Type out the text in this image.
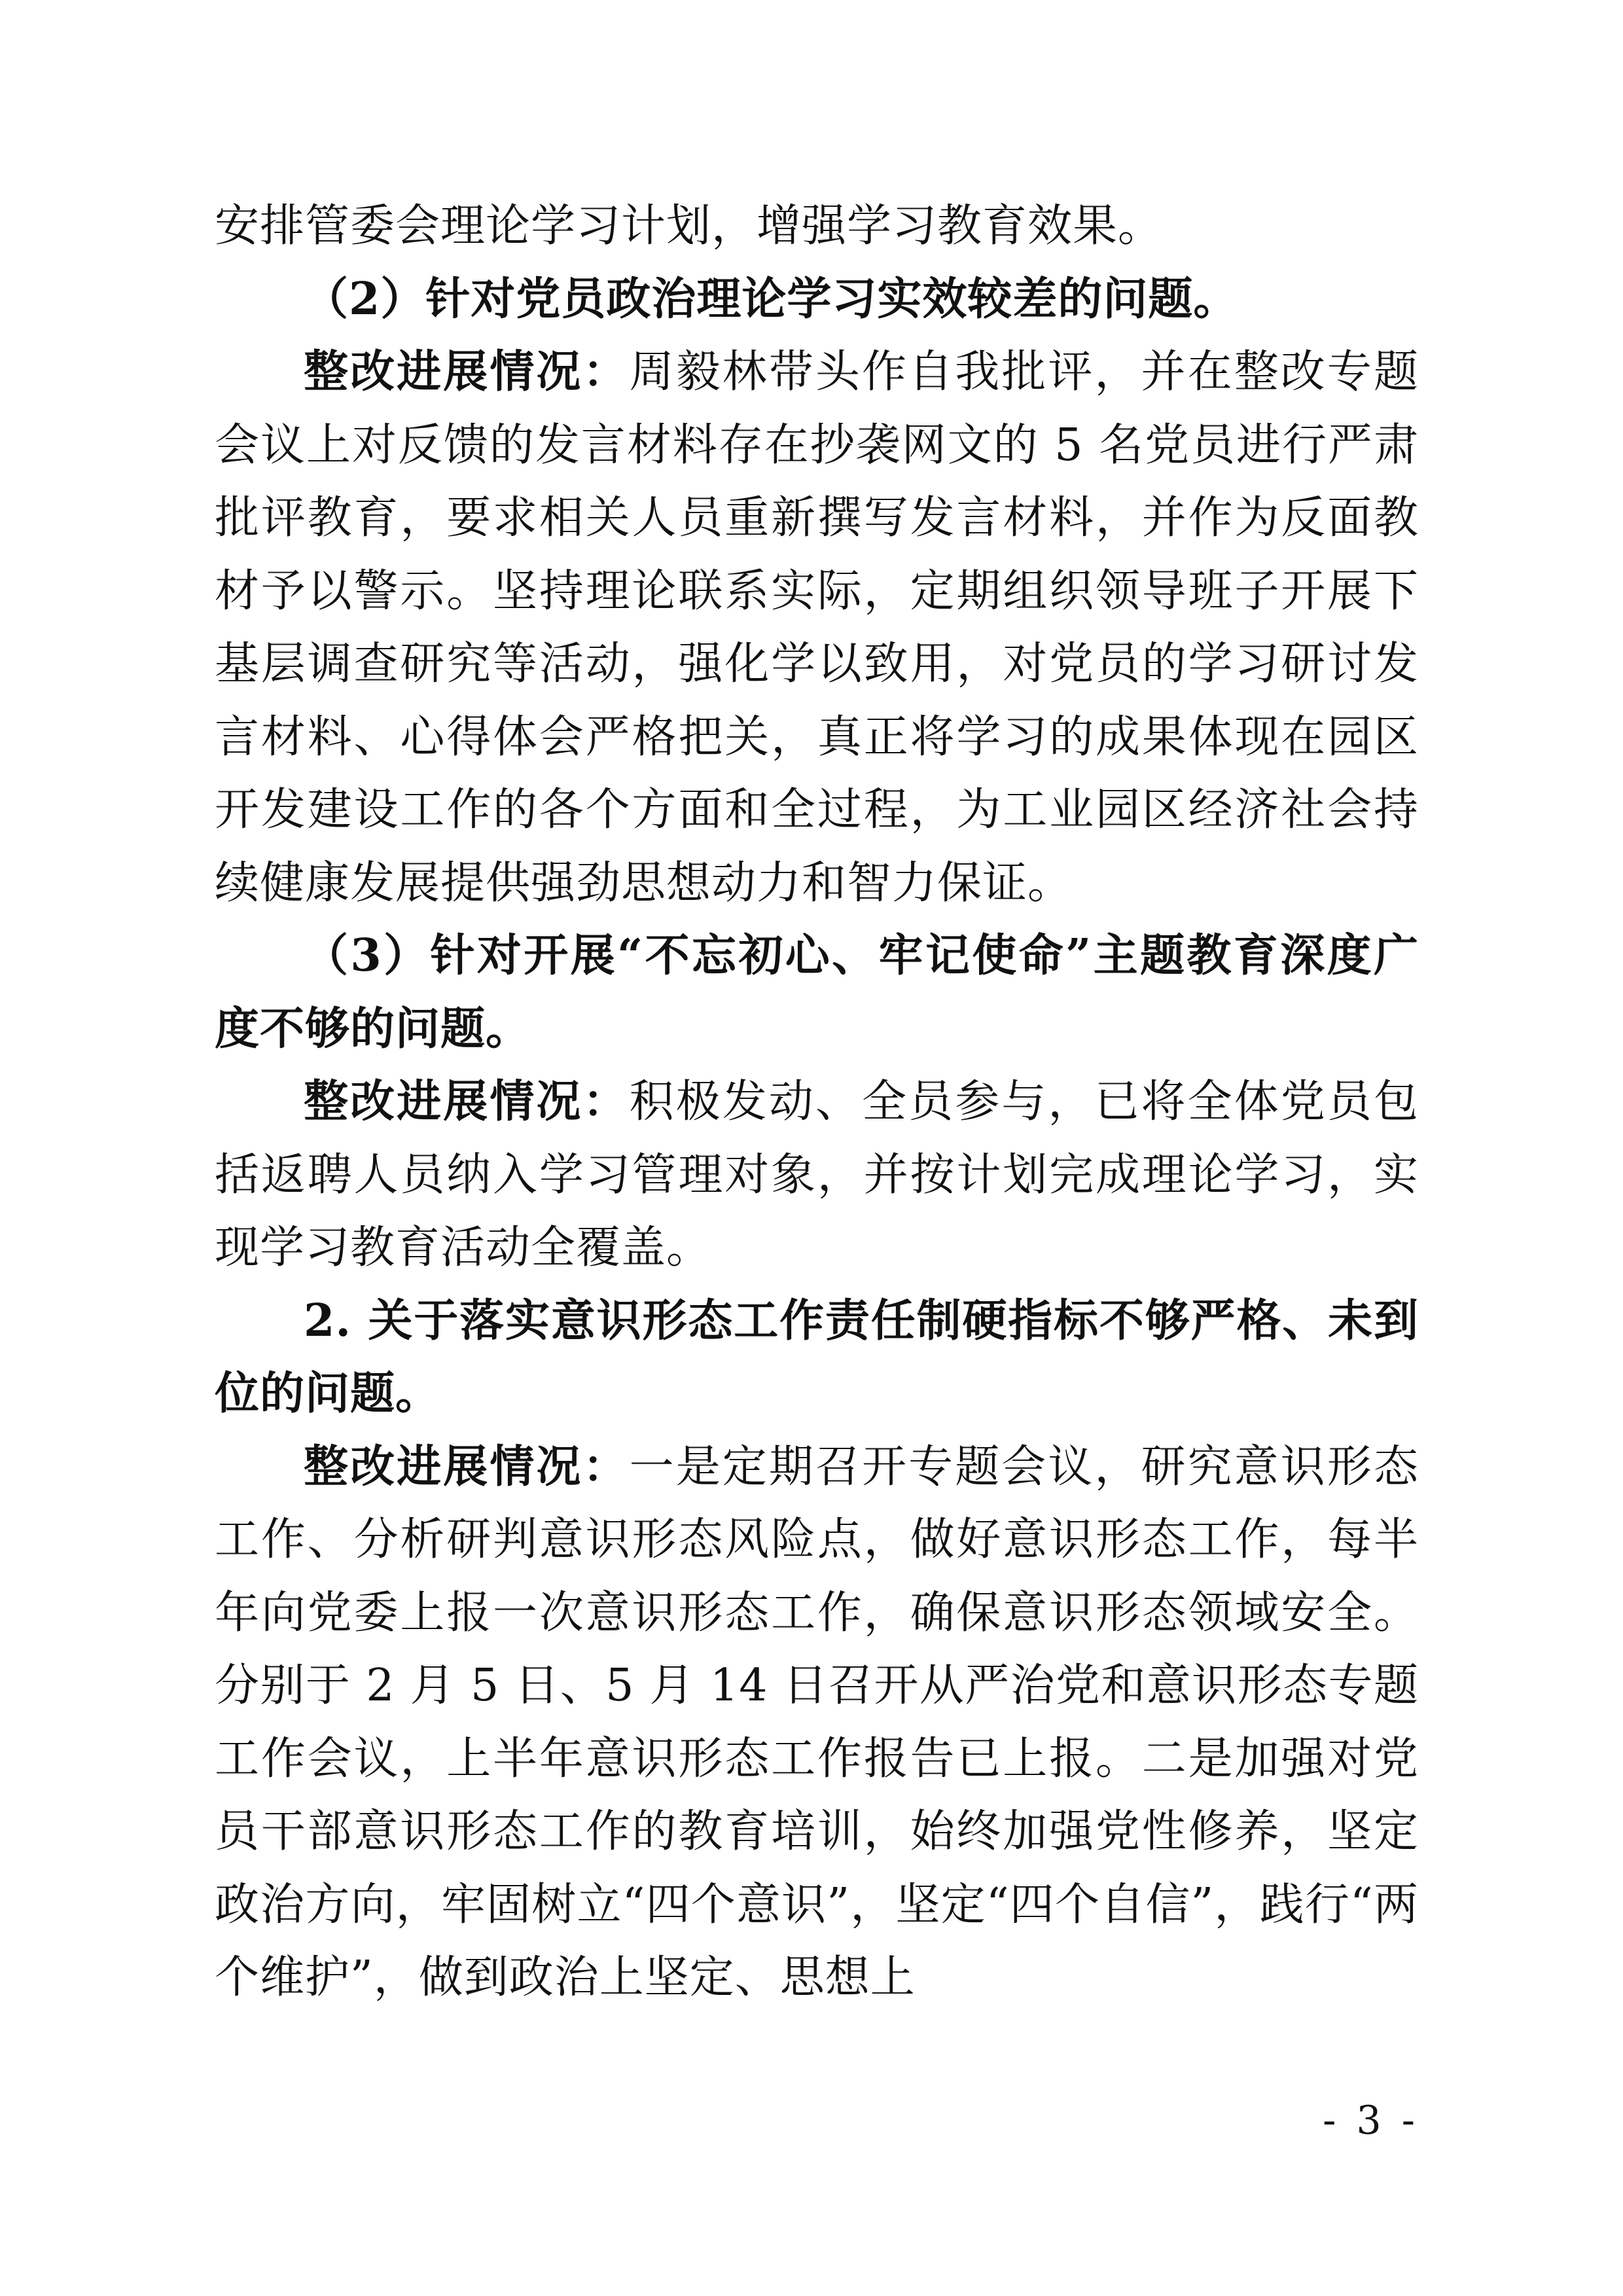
安排管委会理论学习计划，增强学习教育效果。

（2）针对党员政治理论学习实效较差的问题。

整改进展情况：周毅林带头作自我批评，并在整改专题会议上对反馈的发言材料存在抄袭网文的 5 名党员进行严肃批评教育，要求相关人员重新撰写发言材料，并作为反面教材予以警示。坚持理论联系实际，定期组织领导班子开展下基层调查研究等活动，强化学以致用，对党员的学习研讨发言材料、心得体会严格把关，真正将学习的成果体现在园区开发建设工作的各个方面和全过程，为工业园区经济社会持续健康发展提供强劲思想动力和智力保证。

（3）针对开展“不忘初心、牢记使命”主题教育深度广度不够的问题。

整改进展情况：积极发动、全员参与，已将全体党员包括返聘人员纳入学习管理对象，并按计划完成理论学习，实现学习教育活动全覆盖。

2. 关于落实意识形态工作责任制硬指标不够严格、未到位的问题。

整改进展情况：一是定期召开专题会议，研究意识形态工作、分析研判意识形态风险点，做好意识形态工作，每半年向党委上报一次意识形态工作，确保意识形态领域安全。分别于 2 月 5 日、5 月 14 日召开从严治党和意识形态专题工作会议，上半年意识形态工作报告已上报。二是加强对党员干部意识形态工作的教育培训，始终加强党性修养，坚定政治方向，牢固树立“四个意识”，坚定“四个自信”，践行“两个维护”，做到政治上坚定、思想上

- 3 -
